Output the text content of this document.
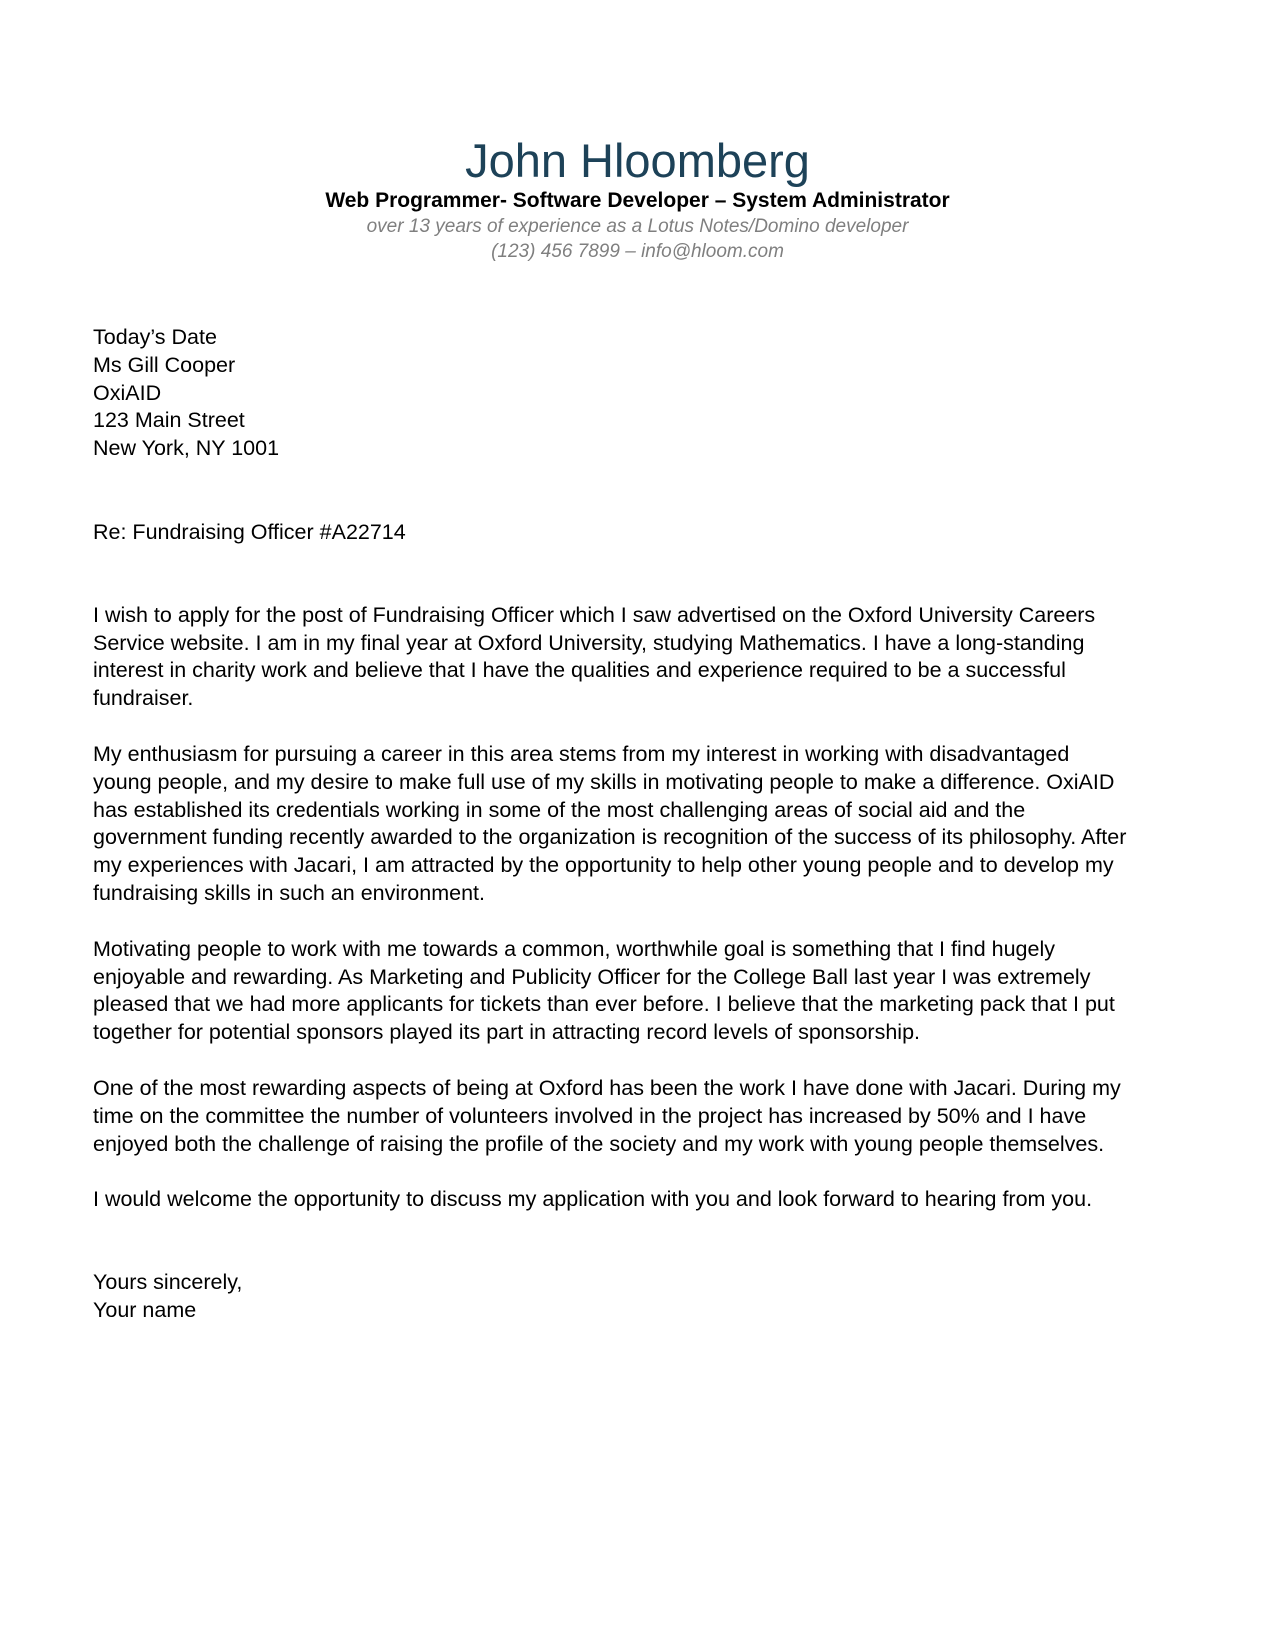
John Hloomberg
Web Programmer- Software Developer – System Administrator
over 13 years of experience as a Lotus Notes/Domino developer
(123) 456 7899 – info@hloom.com
Today’s Date
Ms Gill Cooper
OxiAID
123 Main Street
New York, NY 1001
Re: Fundraising Officer #A22714
I wish to apply for the post of Fundraising Officer which I saw advertised on the Oxford University Careers
Service website. I am in my final year at Oxford University, studying Mathematics. I have a long-standing
interest in charity work and believe that I have the qualities and experience required to be a successful
fundraiser.
My enthusiasm for pursuing a career in this area stems from my interest in working with disadvantaged
young people, and my desire to make full use of my skills in motivating people to make a difference. OxiAID
has established its credentials working in some of the most challenging areas of social aid and the
government funding recently awarded to the organization is recognition of the success of its philosophy. After
my experiences with Jacari, I am attracted by the opportunity to help other young people and to develop my
fundraising skills in such an environment.
Motivating people to work with me towards a common, worthwhile goal is something that I find hugely
enjoyable and rewarding. As Marketing and Publicity Officer for the College Ball last year I was extremely
pleased that we had more applicants for tickets than ever before. I believe that the marketing pack that I put
together for potential sponsors played its part in attracting record levels of sponsorship.
One of the most rewarding aspects of being at Oxford has been the work I have done with Jacari. During my
time on the committee the number of volunteers involved in the project has increased by 50% and I have
enjoyed both the challenge of raising the profile of the society and my work with young people themselves.
I would welcome the opportunity to discuss my application with you and look forward to hearing from you.
Yours sincerely,
Your name
